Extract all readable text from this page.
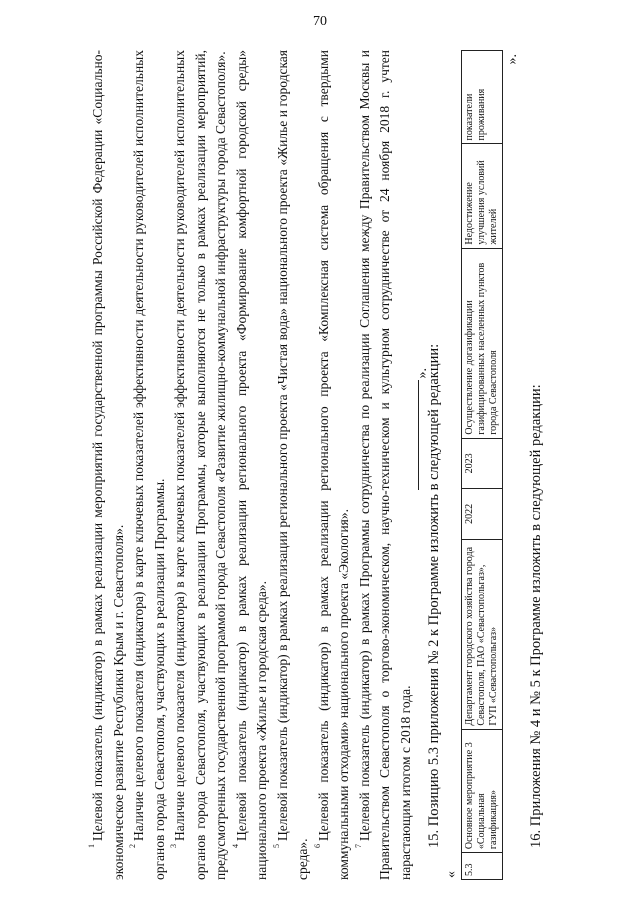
70

$^1$Целевой показатель (индикатор) в рамках реализации мероприятий государственной программы Российской Федерации «Социально-экономическое развитие Республики Крым и г. Севастополя». $^2$Наличие целевого показателя (индикатора) в карте ключевых показателей эффективности деятельности руководителей исполнительных органов города Севастополя, участвующих в реализации Программы. $^3$Наличие целевого показателя (индикатора) в карте ключевых показателей эффективности деятельности руководителей исполнительных органов города Севастополя, участвующих в реализации Программы, которые выполняются не только в рамках реализации мероприятий, предусмотренных государственной программой города Севастополя «Развитие жилищно-коммунальной инфраструктуры города Севастополя». $^4$Целевой показатель (индикатор) в рамках реализации регионального проекта «Формирование комфортной городской среды» национального проекта «Жилье и городская среда». $^5$Целевой показатель (индикатор) в рамках реализации регионального проекта «Чистая вода» национального проекта «Жилье и городская среда». $^6$Целевой показатель (индикатор) в рамках реализации регионального проекта «Комплексная система обращения с твердыми коммунальными отходами» национального проекта «Экология». $^7$Целевой показатель (индикатор) в рамках Программы сотрудничества по реализации Соглашения между Правительством Москвы и Правительством Севастополя о торгово-экономическом, научно-техническом и культурном сотрудничестве от 24 ноября 2018 г. учтен нарастающим итогом с 2018 года.

».

15. Позицию 5.3 приложения № 2 к Программе изложить в следующей редакции:

« 5.3	Основное мероприятие 3 «Социальная газификация»	Департамент городского хозяйства города Севастополя, ПАО «Севастопольгаз», ГУП «Севастопольгаз»	2022	2023	Осуществление догазификации газифицированных населенных пунктов города Севастополя	Недостижение улучшения условий жителей	показатели проживания
».

16. Приложения № 4 и № 5 к Программе изложить в следующей редакции:
